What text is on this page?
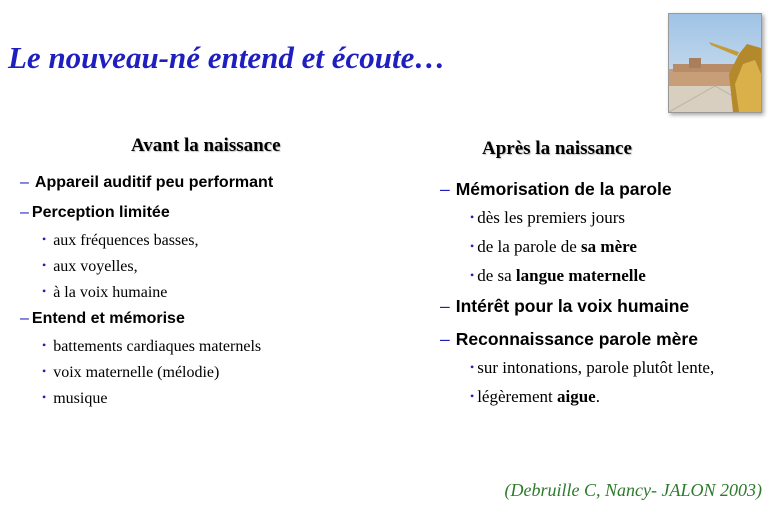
Le nouveau-né entend et écoute…
Avant la naissance	Après la naissance
– Appareil auditif peu performant
– Perception limitée
• aux fréquences basses,
• aux voyelles,
• à la voix humaine
– Entend et mémorise
• battements cardiaques maternels
• voix maternelle (mélodie)
• musique
– Mémorisation de la parole
• dès les premiers jours
• de la parole de sa mère
• de sa langue maternelle
– Intérêt pour la voix humaine
– Reconnaissance parole mère
• sur intonations, parole plutôt lente,
• légèrement aigue.
(Debruille C, Nancy- JALON 2003)
